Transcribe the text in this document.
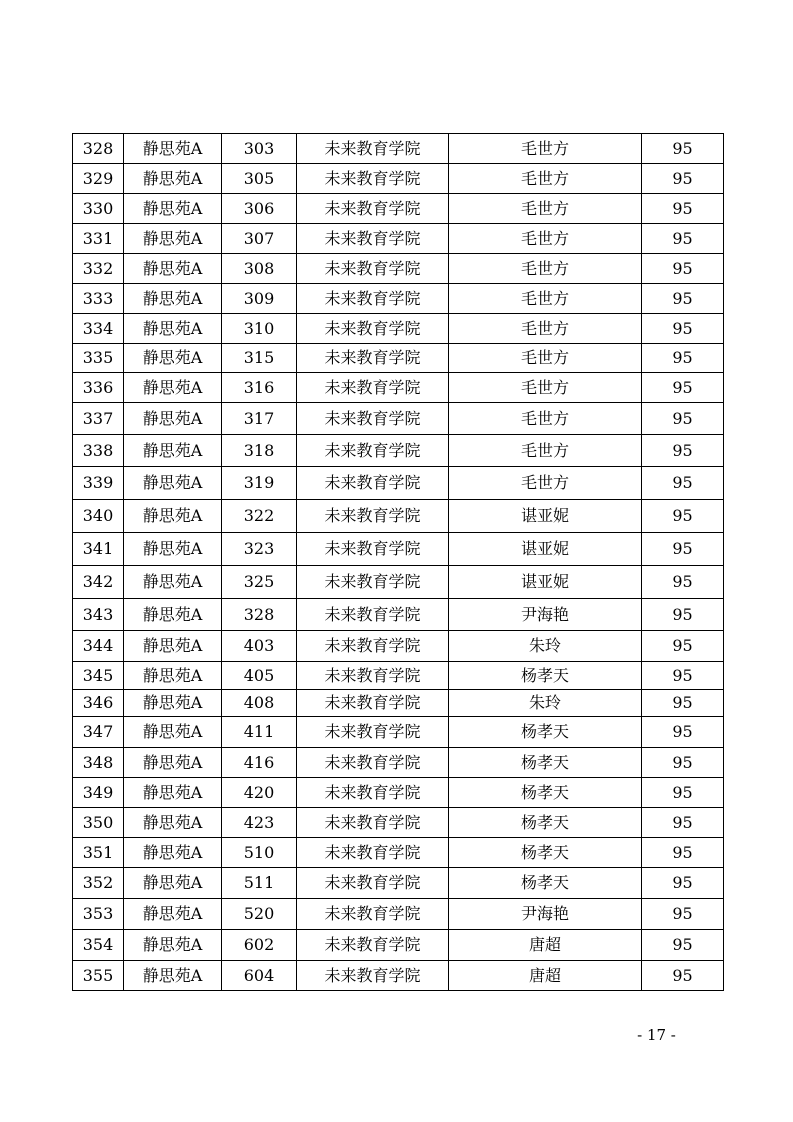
328	静思苑A	303	未来教育学院	毛世方	95
329	静思苑A	305	未来教育学院	毛世方	95
330	静思苑A	306	未来教育学院	毛世方	95
331	静思苑A	307	未来教育学院	毛世方	95
332	静思苑A	308	未来教育学院	毛世方	95
333	静思苑A	309	未来教育学院	毛世方	95
334	静思苑A	310	未来教育学院	毛世方	95
335	静思苑A	315	未来教育学院	毛世方	95
336	静思苑A	316	未来教育学院	毛世方	95
337	静思苑A	317	未来教育学院	毛世方	95
338	静思苑A	318	未来教育学院	毛世方	95
339	静思苑A	319	未来教育学院	毛世方	95
340	静思苑A	322	未来教育学院	谌亚妮	95
341	静思苑A	323	未来教育学院	谌亚妮	95
342	静思苑A	325	未来教育学院	谌亚妮	95
343	静思苑A	328	未来教育学院	尹海艳	95
344	静思苑A	403	未来教育学院	朱玲	95
345	静思苑A	405	未来教育学院	杨孝天	95
346	静思苑A	408	未来教育学院	朱玲	95
347	静思苑A	411	未来教育学院	杨孝天	95
348	静思苑A	416	未来教育学院	杨孝天	95
349	静思苑A	420	未来教育学院	杨孝天	95
350	静思苑A	423	未来教育学院	杨孝天	95
351	静思苑A	510	未来教育学院	杨孝天	95
352	静思苑A	511	未来教育学院	杨孝天	95
353	静思苑A	520	未来教育学院	尹海艳	95
354	静思苑A	602	未来教育学院	唐超	95
355	静思苑A	604	未来教育学院	唐超	95
- 17 -
